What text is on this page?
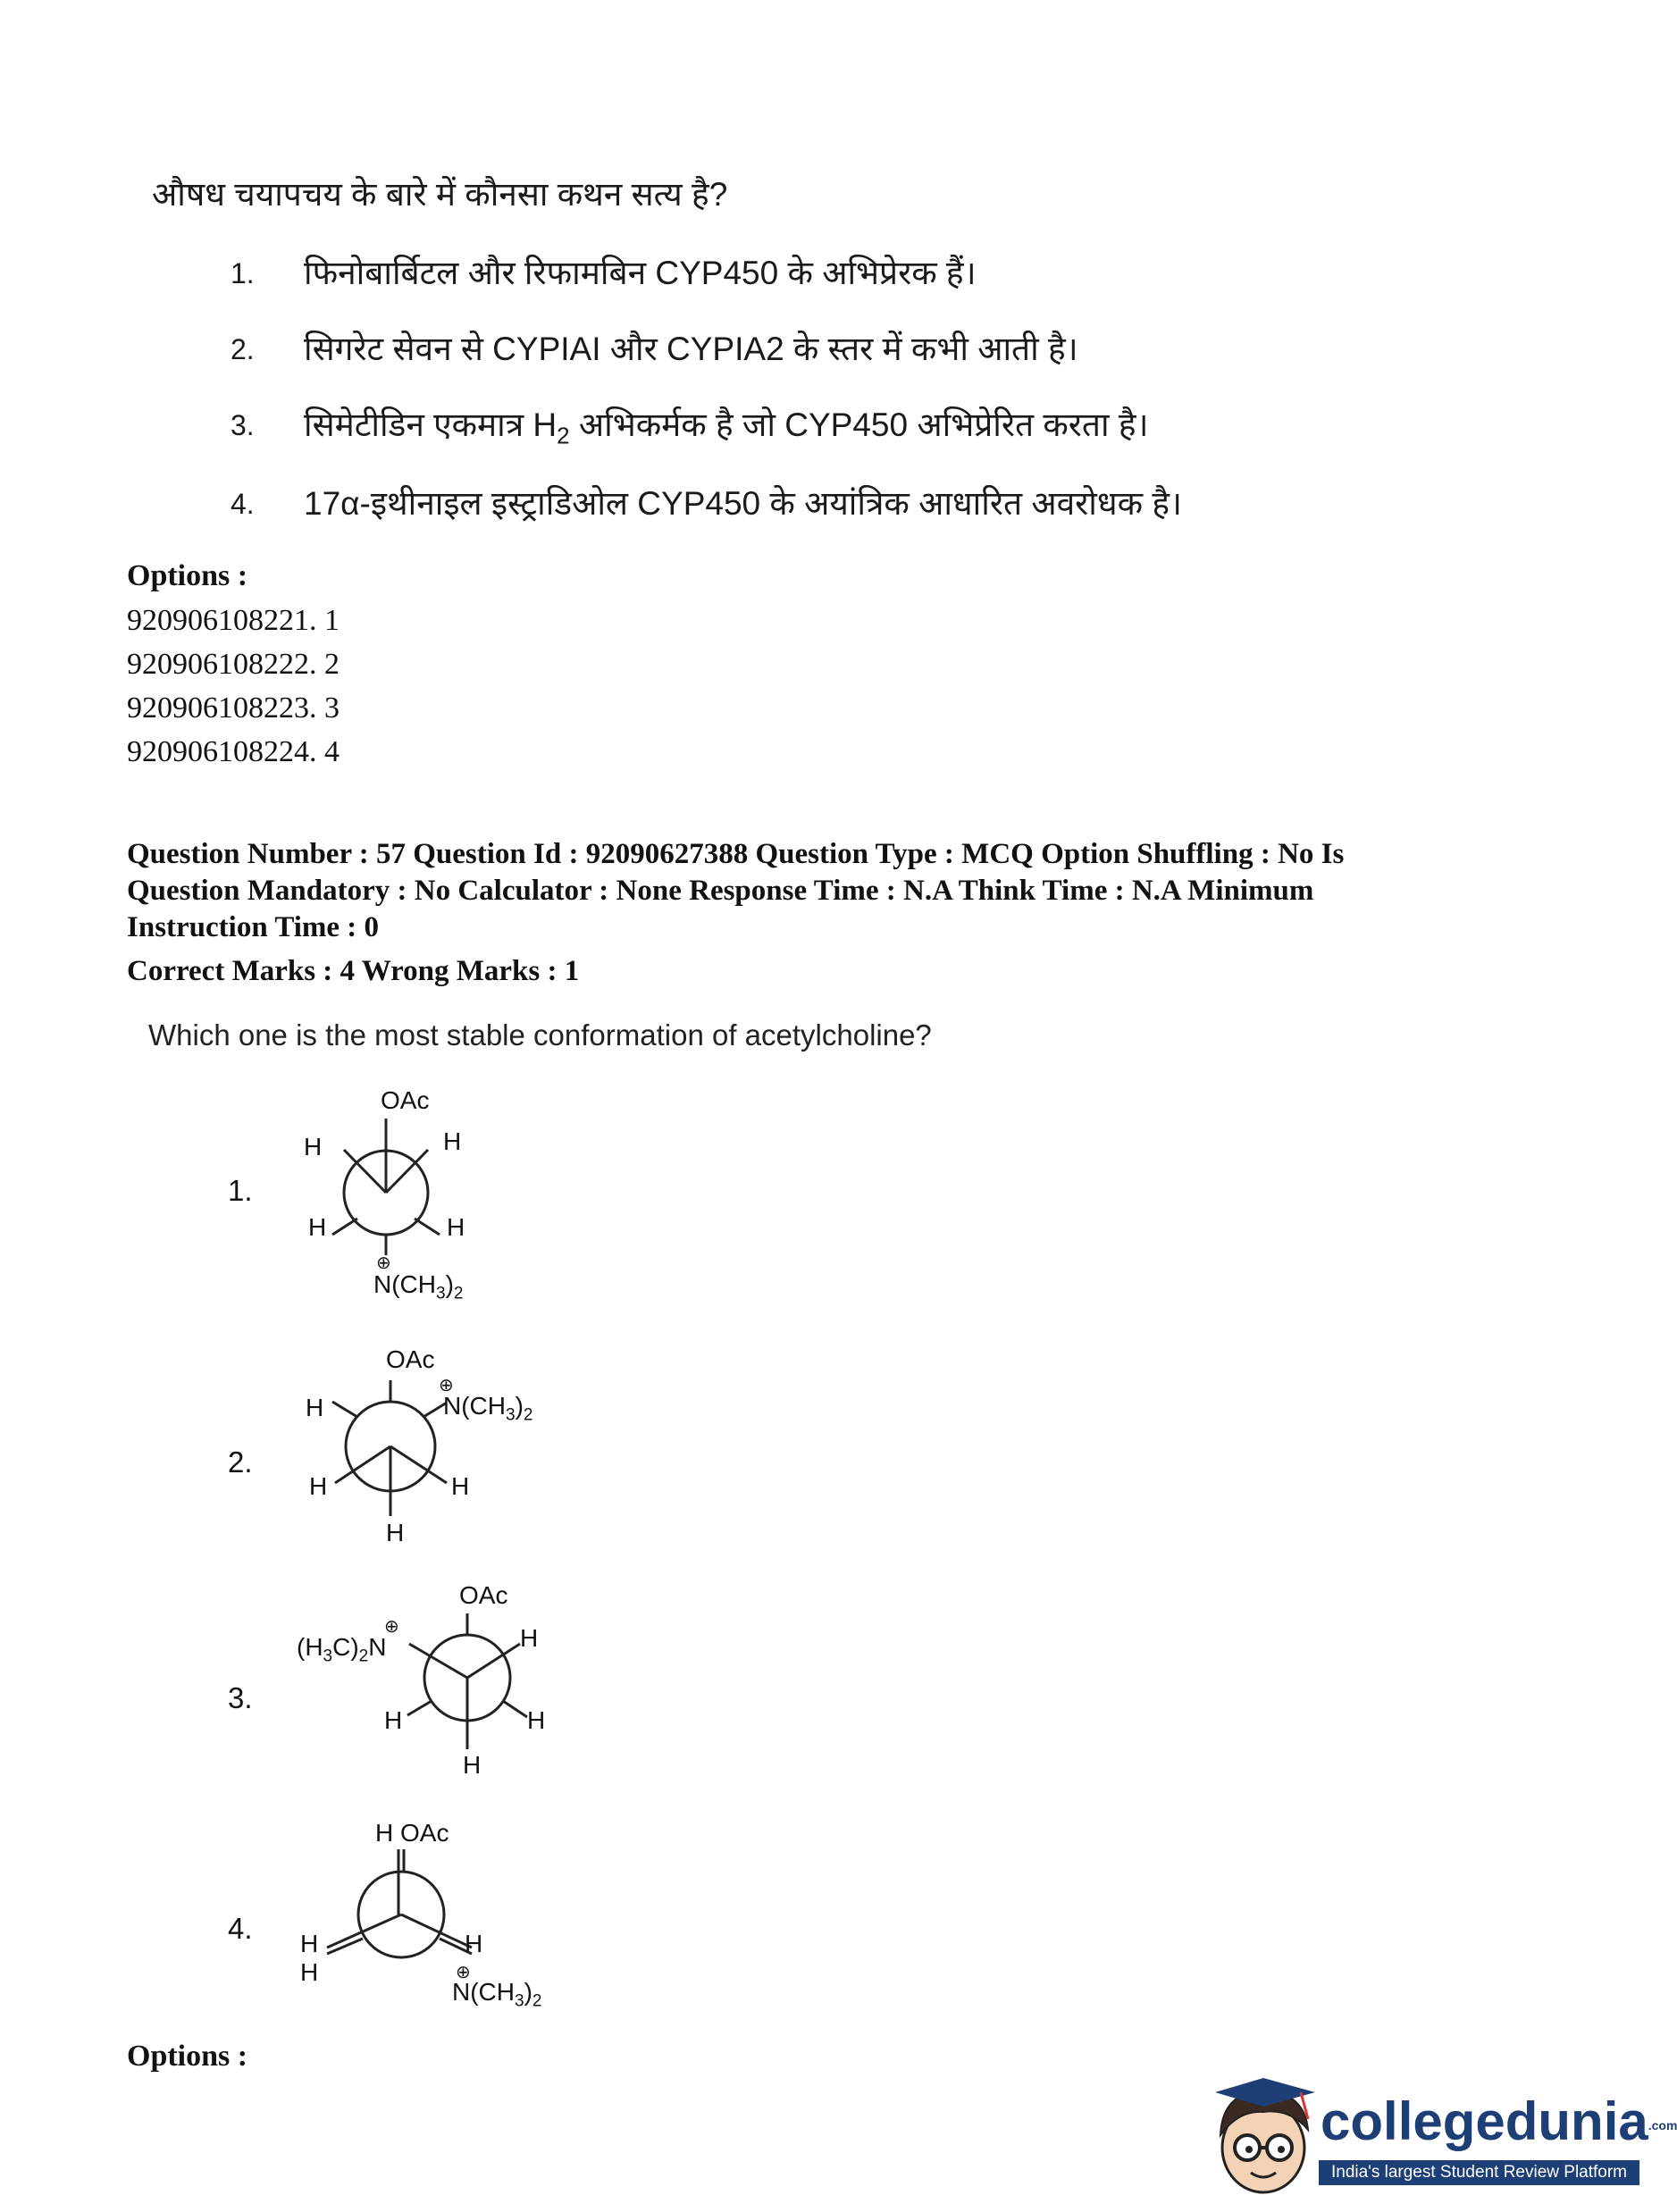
औषध चयापचय के बारे में कौनसा कथन सत्य है?
1. फिनोबार्बिटल और रिफामबिन CYP450 के अभिप्रेरक हैं।
2. सिगरेट सेवन से CYPIAI और CYPIA2 के स्तर में कभी आती है।
3. सिमेटीडिन एकमात्र $H_2$ अभिकर्मक है जो CYP450 अभिप्रेरित करता है।
4. 17α-इथीनाइल इस्ट्राडिओल CYP450 के अयांत्रिक आधारित अवरोधक है।
Options :
920906108221. 1
920906108222. 2
920906108223. 3
920906108224. 4
Question Number : 57 Question Id : 92090627388 Question Type : MCQ Option Shuffling : No Is
Question Mandatory : No Calculator : None Response Time : N.A Think Time : N.A Minimum
Instruction Time : 0
Correct Marks : 4 Wrong Marks : 1
Which one is the most stable conformation of acetylcholine?
1.
OAc
H	H
H	H
⊕
$N(CH_3)_2$
2.
OAc
H
⊕
$N(CH_3)_2$
H	H
H
3.
OAc
⊕
$(H_3C)_2N$	H
H	H
H
4.
H OAc
H
H
H
⊕
$N(CH_3)_2$
Options :
collegedunia.com
India's largest Student Review Platform
